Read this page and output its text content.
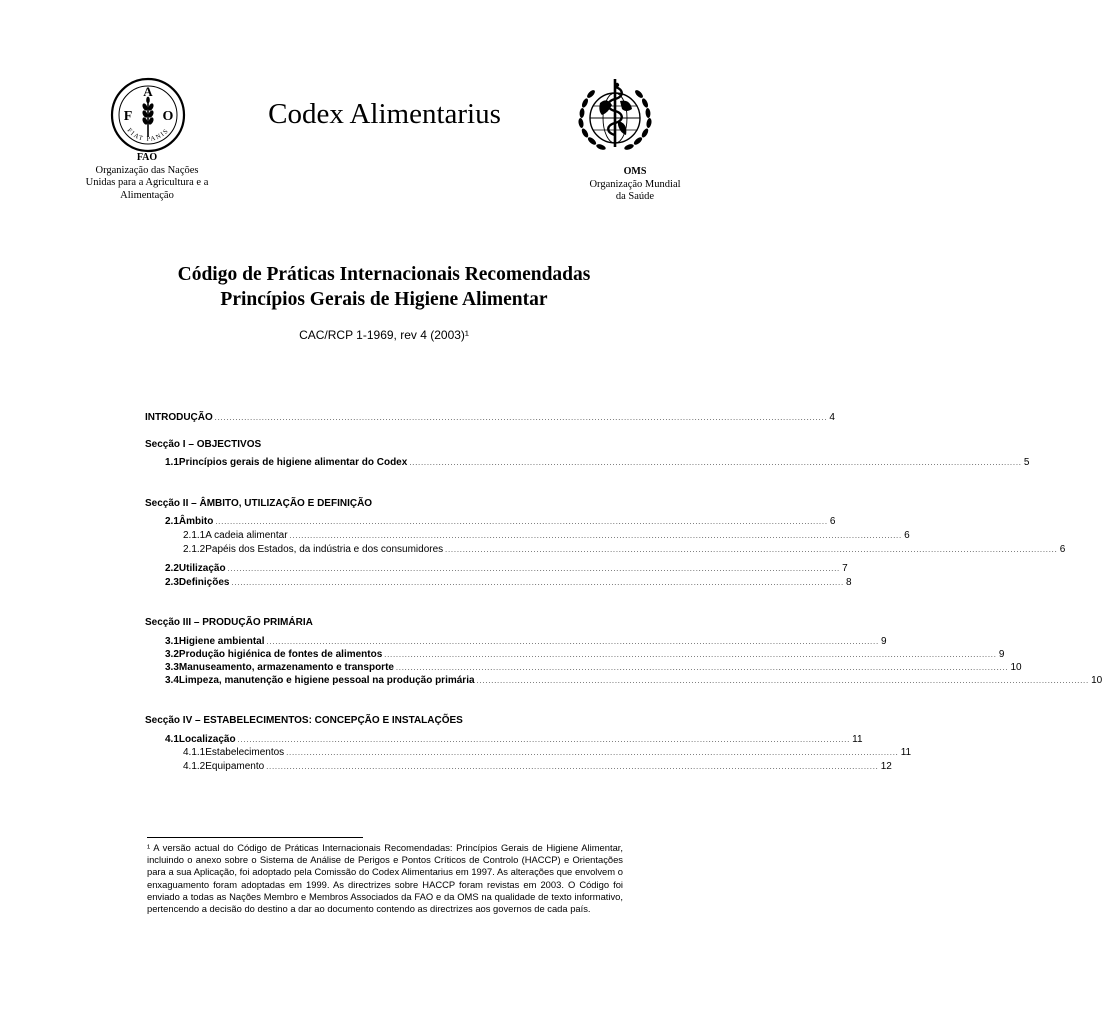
F
A
O
FIAT PANIS
Codex Alimentarius
FAO
Organização das Nações
Unidas para a Agricultura e a
Alimentação
OMS
Organização Mundial
da Saúde
Código de Práticas Internacionais Recomendadas
Princípios Gerais de Higiene Alimentar
CAC/RCP 1-1969, rev 4 (2003)¹
INTRODUÇÃO ................................................................................................................................................................................................................ 4
Secção I – OBJECTIVOS
1.1 Princípios gerais de higiene alimentar do Codex ................................................................................................................................................................................................................ 5
Secção II – ÂMBITO, UTILIZAÇÃO E DEFINIÇÃO
2.1 Âmbito ................................................................................................................................................................................................................ 6
2.1.1 A cadeia alimentar ................................................................................................................................................................................................................ 6
2.1.2 Papéis dos Estados, da indústria e dos consumidores ................................................................................................................................................................................................................ 6
2.2 Utilização ................................................................................................................................................................................................................ 7
2.3 Definições ................................................................................................................................................................................................................ 8
Secção III – PRODUÇÃO PRIMÁRIA
3.1 Higiene ambiental ................................................................................................................................................................................................................ 9
3.2 Produção higiénica de fontes de alimentos ................................................................................................................................................................................................................ 9
3.3 Manuseamento, armazenamento e transporte ................................................................................................................................................................................................................ 10
3.4 Limpeza, manutenção e higiene pessoal na produção primária ................................................................................................................................................................................................................ 10
Secção IV – ESTABELECIMENTOS: CONCEPÇÃO E INSTALAÇÕES
4.1 Localização ................................................................................................................................................................................................................ 11
4.1.1 Estabelecimentos ................................................................................................................................................................................................................ 11
4.1.2 Equipamento ................................................................................................................................................................................................................ 12
¹ A versão actual do Código de Práticas Internacionais Recomendadas: Princípios Gerais de Higiene Alimentar, incluindo o anexo sobre o Sistema de Análise de Perigos e Pontos Críticos de Controlo (HACCP) e Orientações para a sua Aplicação, foi adoptado pela Comissão do Codex Alimentarius em 1997. As alterações que envolvem o enxaguamento foram adoptadas em 1999. As directrizes sobre HACCP foram revistas em 2003. O Código foi enviado a todas as Nações Membro e Membros Associados da FAO e da OMS na qualidade de texto informativo, pertencendo a decisão do destino a dar ao documento contendo as directrizes aos governos de cada país.
